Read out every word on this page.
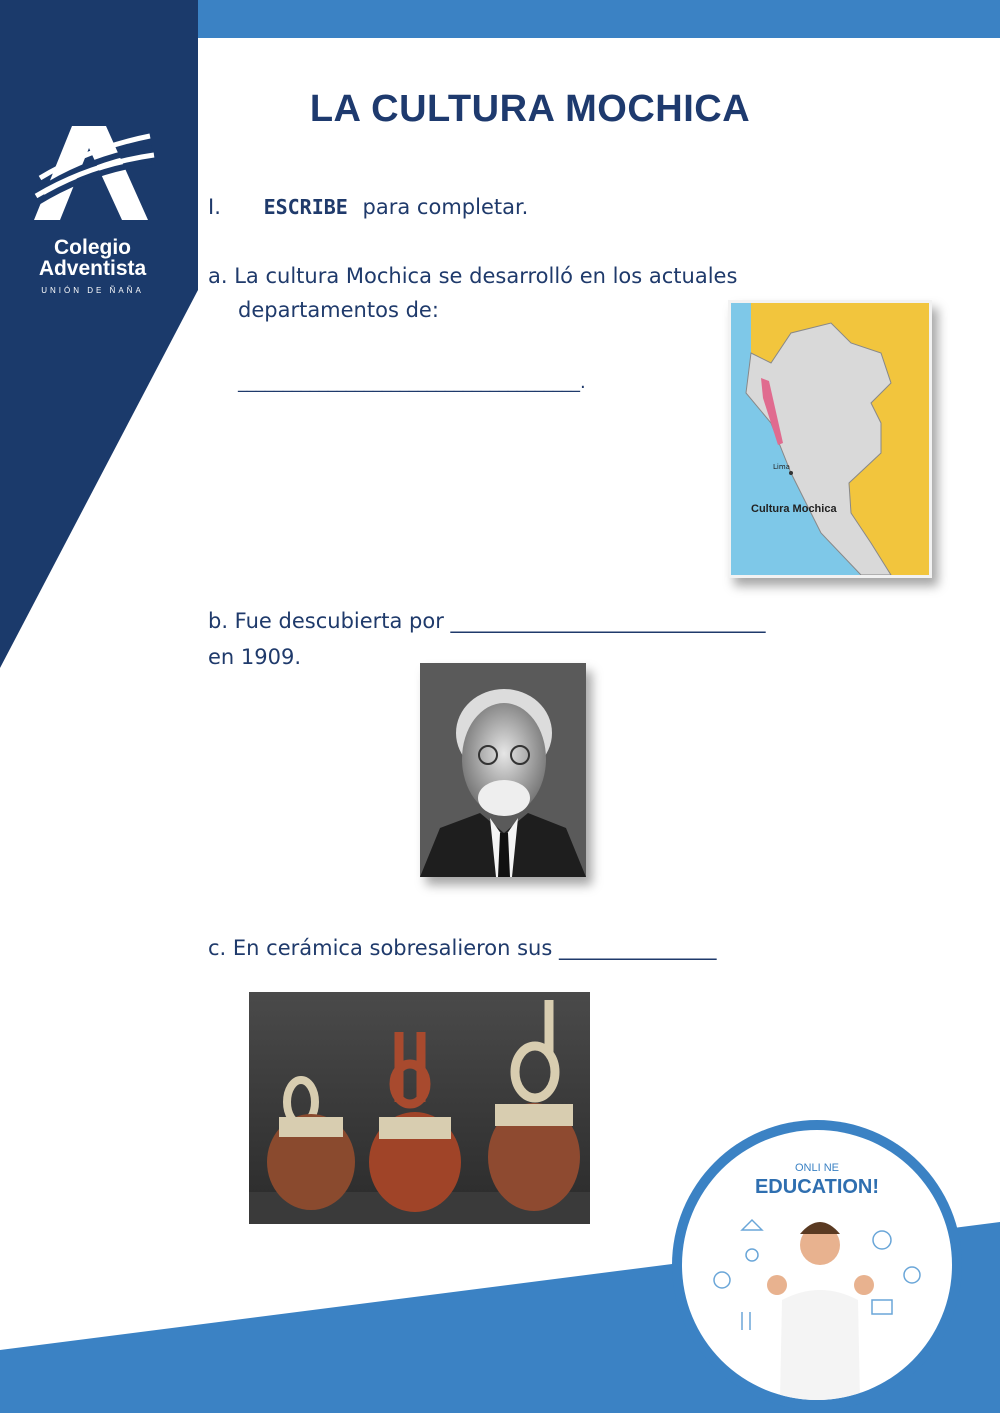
Colegio
Adventista
UNIÓN DE ÑAÑA
LA CULTURA MOCHICA
I. ESCRIBE para completar.
a. La cultura Mochica se desarrolló en los actuales
departamentos de:
______________________________________.
Lima
Cultura Mochica
b. Fue descubierta por ______________________________
en 1909.
c. En cerámica sobresalieron sus _______________
ONLI NE
EDUCATION!
